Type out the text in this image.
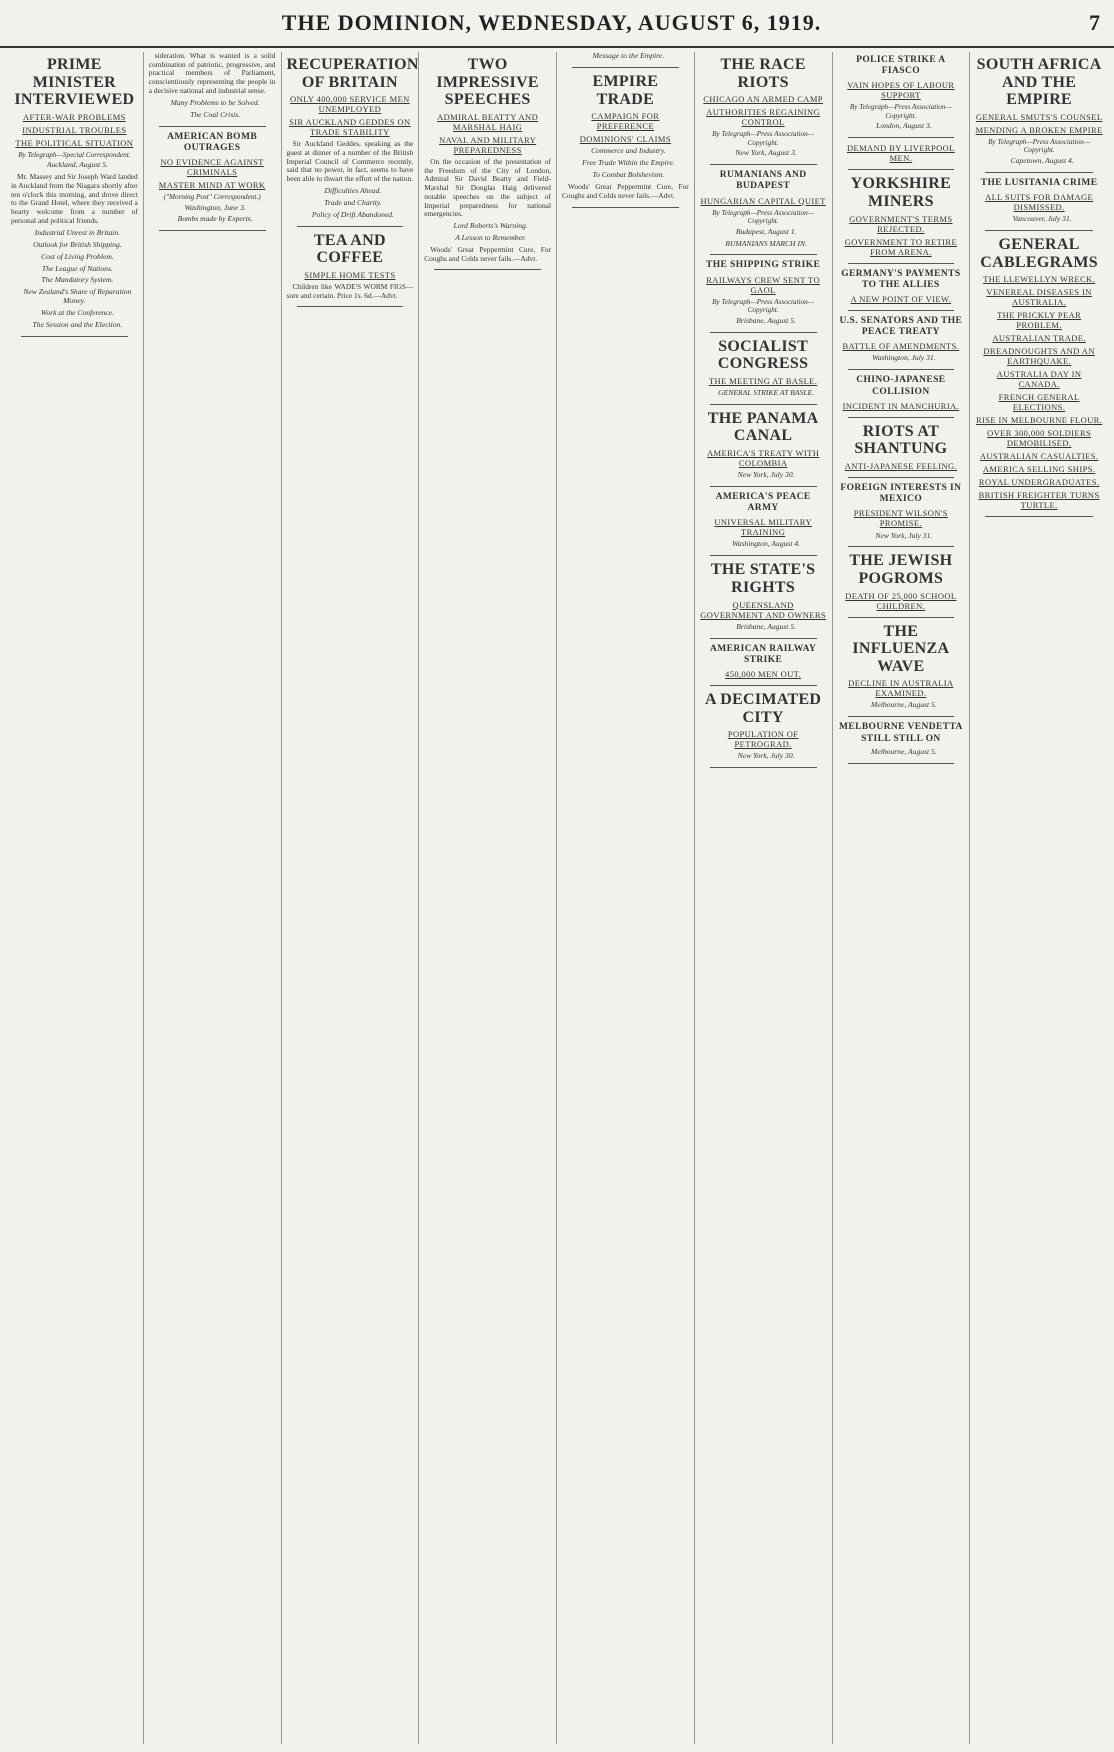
THE DOMINION, WEDNESDAY, AUGUST 6, 1919.	7
PRIME MINISTER INTERVIEWED
AFTER-WAR PROBLEMS
INDUSTRIAL TROUBLES
THE POLITICAL SITUATION
By Telegraph—Special Correspondent.

Auckland, August 5.

Mr. Massey and Sir Joseph Ward landed in Auckland from the Niagara shortly after ten o'clock this morning, and drove direct to the Grand Hotel, where they received a hearty welcome from a number of personal and political friends.

Industrial Unrest in Britain.

Outlook for British Shipping.

Cost of Living Problem.

The League of Nations.

The Mandatory System.

New Zealand's Share of Reparation Money.

Work at the Conference.

The Session and the Election.

sideration. What is wanted is a solid combination of patriotic, progressive, and practical members of Parliament, conscientiously representing the people in a decisive national and industrial sense.

Many Problems to be Solved.

The Coal Crisis.

AMERICAN BOMB OUTRAGES
NO EVIDENCE AGAINST CRIMINALS
MASTER MIND AT WORK
("Morning Post" Correspondent.)

Washington, June 3.

Bombs made by Experts.

RECUPERATION OF BRITAIN
ONLY 400,000 SERVICE MEN UNEMPLOYED
SIR AUCKLAND GEDDES ON TRADE STABILITY

Sir Auckland Geddes, speaking as the guest at dinner of a number of the British Imperial Council of Commerce recently, said that no power, in fact, seems to have been able to thwart the effort of the nation.

Difficulties Ahead.

Trade and Charity.

Policy of Drift Abandoned.

TEA AND COFFEE
SIMPLE HOME TESTS

Children like WADE'S WORM FIGS—sure and certain. Price 1s. 6d.—Advt.

TWO IMPRESSIVE SPEECHES
ADMIRAL BEATTY AND MARSHAL HAIG
NAVAL AND MILITARY PREPAREDNESS

On the occasion of the presentation of the Freedom of the City of London, Admiral Sir David Beatty and Field-Marshal Sir Douglas Haig delivered notable speeches on the subject of Imperial preparedness for national emergencies.

Lord Roberts's Warning.

A Lesson to Remember.

Woods' Great Peppermint Cure, For Coughs and Colds never fails.—Advt.

Message to the Empire.

EMPIRE TRADE
CAMPAIGN FOR PREFERENCE
DOMINIONS' CLAIMS

Commerce and Industry.

Free Trade Within the Empire.

To Combat Bolshevism.

Woods' Great Peppermint Cure, For Coughs and Colds never fails.—Advt.

THE RACE RIOTS
CHICAGO AN ARMED CAMP
AUTHORITIES REGAINING CONTROL
By Telegraph—Press Association—Copyright.

New York, August 3.

RUMANIANS AND BUDAPEST
HUNGARIAN CAPITAL QUIET
By Telegraph—Press Association—Copyright.

Budapest, August 1.

RUMANIANS MARCH IN.

THE SHIPPING STRIKE
RAILWAYS CREW SENT TO GAOL
By Telegraph—Press Association—Copyright.

Brisbane, August 5.

SOCIALIST CONGRESS
THE MEETING AT BASLE.

GENERAL STRIKE AT BASLE.

THE PANAMA CANAL
AMERICA'S TREATY WITH COLOMBIA

New York, July 30.

AMERICA'S PEACE ARMY
UNIVERSAL MILITARY TRAINING

Washington, August 4.

THE STATE'S RIGHTS
QUEENSLAND GOVERNMENT AND OWNERS

Brisbane, August 5.

AMERICAN RAILWAY STRIKE
450,000 MEN OUT.
A DECIMATED CITY
POPULATION OF PETROGRAD.

New York, July 30.

POLICE STRIKE A FIASCO
VAIN HOPES OF LABOUR SUPPORT
By Telegraph—Press Association—Copyright.

London, August 3.

DEMAND BY LIVERPOOL MEN.
YORKSHIRE MINERS
GOVERNMENT'S TERMS REJECTED.
GOVERNMENT TO RETIRE FROM ARENA.
GERMANY'S PAYMENTS TO THE ALLIES
A NEW POINT OF VIEW.
U.S. SENATORS AND THE PEACE TREATY
BATTLE OF AMENDMENTS.

Washington, July 31.

CHINO-JAPANESE COLLISION
INCIDENT IN MANCHURIA.
RIOTS AT SHANTUNG
ANTI-JAPANESE FEELING.
FOREIGN INTERESTS IN MEXICO
PRESIDENT WILSON'S PROMISE.

New York, July 31.

THE JEWISH POGROMS
DEATH OF 25,000 SCHOOL CHILDREN.
THE INFLUENZA WAVE
DECLINE IN AUSTRALIA EXAMINED.

Melbourne, August 5.

MELBOURNE VENDETTA STILL STILL ON

Melbourne, August 5.

SOUTH AFRICA AND THE EMPIRE
GENERAL SMUTS'S COUNSEL
MENDING A BROKEN EMPIRE
By Telegraph—Press Association—Copyright.

Capetown, August 4.

THE LUSITANIA CRIME
ALL SUITS FOR DAMAGE DISMISSED.

Vancouver, July 31.

GENERAL CABLEGRAMS
THE LLEWELLYN WRECK.
VENEREAL DISEASES IN AUSTRALIA.
THE PRICKLY PEAR PROBLEM.
AUSTRALIAN TRADE.
DREADNOUGHTS AND AN EARTHQUAKE.
AUSTRALIA DAY IN CANADA.
FRENCH GENERAL ELECTIONS.
RISE IN MELBOURNE FLOUR.
OVER 300,000 SOLDIERS DEMOBILISED.
AUSTRALIAN CASUALTIES.
AMERICA SELLING SHIPS.
ROYAL UNDERGRADUATES.
BRITISH FREIGHTER TURNS TURTLE.
